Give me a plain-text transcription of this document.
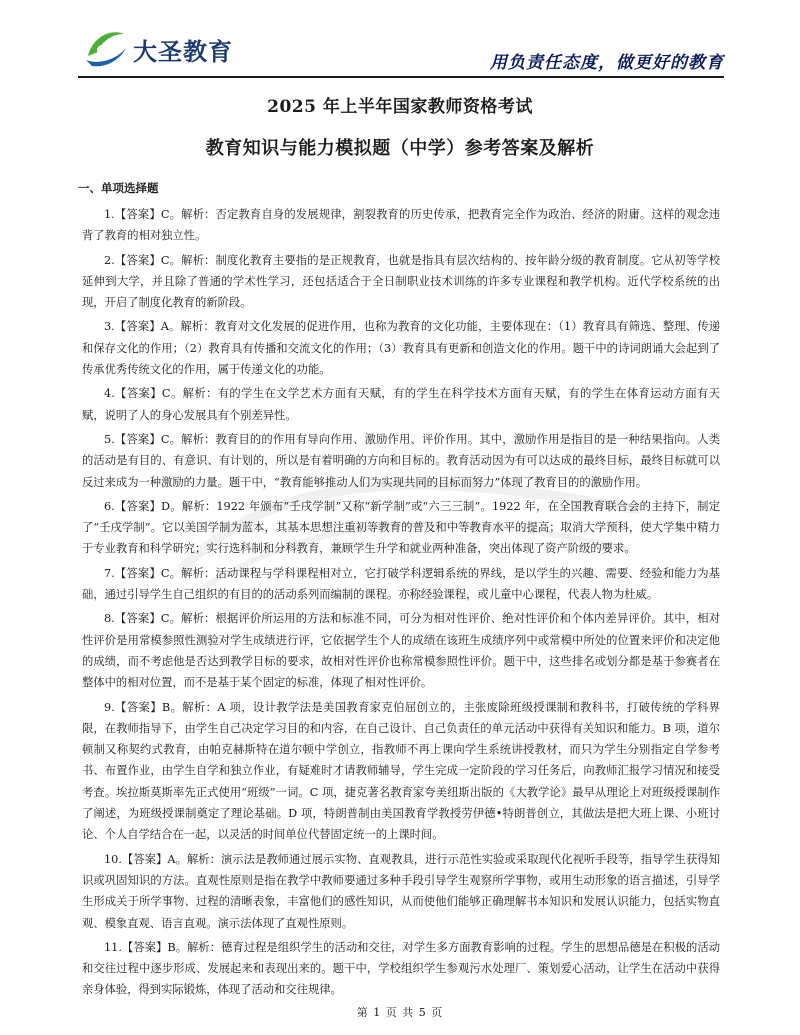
大圣教育	用负责任态度，做更好的教育
2025 年上半年国家教师资格考试
教育知识与能力模拟题（中学）参考答案及解析
一、单项选择题

1.【答案】C。解析：否定教育自身的发展规律，割裂教育的历史传承，把教育完全作为政治、经济的附庸。这样的观念违背了教育的相对独立性。

2.【答案】C。解析：制度化教育主要指的是正规教育，也就是指具有层次结构的、按年龄分级的教育制度。它从初等学校延伸到大学，并且除了普通的学术性学习，还包括适合于全日制职业技术训练的许多专业课程和教学机构。近代学校系统的出现，开启了制度化教育的新阶段。

3.【答案】A。解析：教育对文化发展的促进作用，也称为教育的文化功能，主要体现在：（1）教育具有筛选、整理、传递和保存文化的作用；（2）教育具有传播和交流文化的作用；（3）教育具有更新和创造文化的作用。题干中的诗词朗诵大会起到了传承优秀传统文化的作用，属于传递文化的功能。

4.【答案】C。解析：有的学生在文学艺术方面有天赋，有的学生在科学技术方面有天赋，有的学生在体育运动方面有天赋，说明了人的身心发展具有个别差异性。

5.【答案】C。解析：教育目的的作用有导向作用、激励作用、评价作用。其中，激励作用是指目的是一种结果指向。人类的活动是有目的、有意识、有计划的，所以是有着明确的方向和目标的。教育活动因为有可以达成的最终目标，最终目标就可以反过来成为一种激励的力量。题干中，“教育能够推动人们为实现共同的目标而努力”体现了教育目的的激励作用。

6.【答案】D。解析：1922 年颁布“壬戌学制”又称“新学制”或“六三三制”。1922 年，在全国教育联合会的主持下，制定了“壬戌学制”。它以美国学制为蓝本，其基本思想注重初等教育的普及和中等教育水平的提高；取消大学预科，使大学集中精力于专业教育和科学研究；实行选科制和分科教育，兼顾学生升学和就业两种准备，突出体现了资产阶级的要求。

7.【答案】C。解析：活动课程与学科课程相对立，它打破学科逻辑系统的界线，是以学生的兴趣、需要、经验和能力为基础，通过引导学生自己组织的有目的的活动系列而编制的课程。亦称经验课程，或儿童中心课程，代表人物为杜威。

8.【答案】C。解析：根据评价所运用的方法和标准不同，可分为相对性评价、绝对性评价和个体内差异评价。其中，相对性评价是用常模参照性测验对学生成绩进行评，它依据学生个人的成绩在该班生成绩序列中或常模中所处的位置来评价和决定他的成绩，而不考虑他是否达到教学目标的要求，故相对性评价也称常模参照性评价。题干中，这些排名或划分都是基于参赛者在整体中的相对位置，而不是基于某个固定的标准，体现了相对性评价。

9.【答案】B。解析：A 项，设计教学法是美国教育家克伯屈创立的，主张废除班级授课制和教科书，打破传统的学科界限，在教师指导下，由学生自己决定学习目的和内容，在自己设计、自己负责任的单元活动中获得有关知识和能力。B 项，道尔顿制又称契约式教育，由帕克赫斯特在道尔顿中学创立，指教师不再上课向学生系统讲授教材，而只为学生分别指定自学参考书、布置作业，由学生自学和独立作业，有疑难时才请教师辅导，学生完成一定阶段的学习任务后，向教师汇报学习情况和接受考查。埃拉斯莫斯率先正式使用“班级”一词。C 项，捷克著名教育家夸美纽斯出版的《大教学论》最早从理论上对班级授课制作了阐述，为班级授课制奠定了理论基础。D 项，特朗普制由美国教育学教授劳伊德•特朗普创立，其做法是把大班上课、小班讨论、个人自学结合在一起，以灵活的时间单位代替固定统一的上课时间。

10.【答案】A。解析：演示法是教师通过展示实物、直观教具，进行示范性实验或采取现代化视听手段等，指导学生获得知识或巩固知识的方法。直观性原则是指在教学中教师要通过多种手段引导学生观察所学事物，或用生动形象的语言描述，引导学生形成关于所学事物、过程的清晰表象，丰富他们的感性知识，从而使他们能够正确理解书本知识和发展认识能力，包括实物直观、模象直观、语言直观。演示法体现了直观性原则。

11.【答案】B。解析：德育过程是组织学生的活动和交往，对学生多方面教育影响的过程。学生的思想品德是在积极的活动和交往过程中逐步形成、发展起来和表现出来的。题干中，学校组织学生参观污水处理厂、策划爱心活动，让学生在活动中获得亲身体验，得到实际锻炼，体现了活动和交往规律。

第 1 页 共 5 页
